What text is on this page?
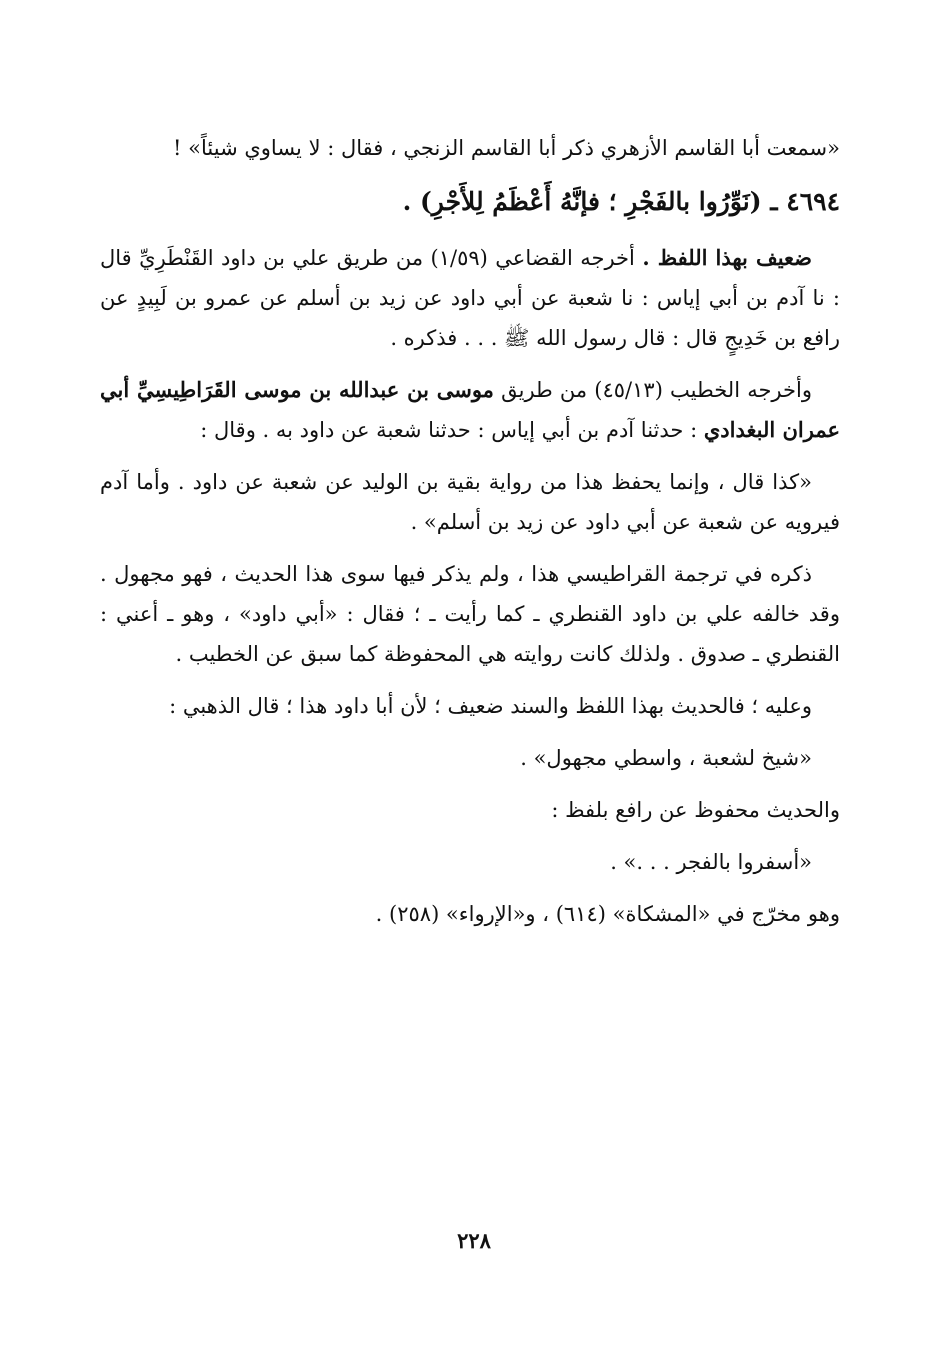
«سمعت أبا القاسم الأزهري ذكر أبا القاسم الزنجي ، فقال : لا يساوي شيئاً» !

٤٦٩٤ ـ (نَوِّرُوا بالفَجْرِ ؛ فإنَّهُ أَعْظَمُ لِلأَجْرِ) .

ضعيف بهذا اللفظ . أخرجه القضاعي (١/٥٩) من طريق علي بن داود القَنْطَرِيِّ قال : نا آدم بن أبي إياس : نا شعبة عن أبي داود عن زيد بن أسلم عن عمرو بن لَبِيدٍ عن رافع بن خَدِيجٍ قال : قال رسول الله ﷺ . . . فذكره .

وأخرجه الخطيب (٤٥/١٣) من طريق موسى بن عبدالله بن موسى القَرَاطِيسِيِّ أبي عمران البغدادي : حدثنا آدم بن أبي إياس : حدثنا شعبة عن داود به . وقال :

«كذا قال ، وإنما يحفظ هذا من رواية بقية بن الوليد عن شعبة عن داود . وأما آدم فيرويه عن شعبة عن أبي داود عن زيد بن أسلم» .

ذكره في ترجمة القراطيسي هذا ، ولم يذكر فيها سوى هذا الحديث ، فهو مجهول . وقد خالفه علي بن داود القنطري ـ كما رأيت ـ ؛ فقال : «أبي داود» ، وهو ـ أعني : القنطري ـ صدوق . ولذلك كانت روايته هي المحفوظة كما سبق عن الخطيب .

وعليه ؛ فالحديث بهذا اللفظ والسند ضعيف ؛ لأن أبا داود هذا ؛ قال الذهبي :

«شيخ لشعبة ، واسطي مجهول» .

والحديث محفوظ عن رافع بلفظ :

«أسفروا بالفجر . . .» .

وهو مخرّج في «المشكاة» (٦١٤) ، و«الإرواء» (٢٥٨) .

٢٢٨
